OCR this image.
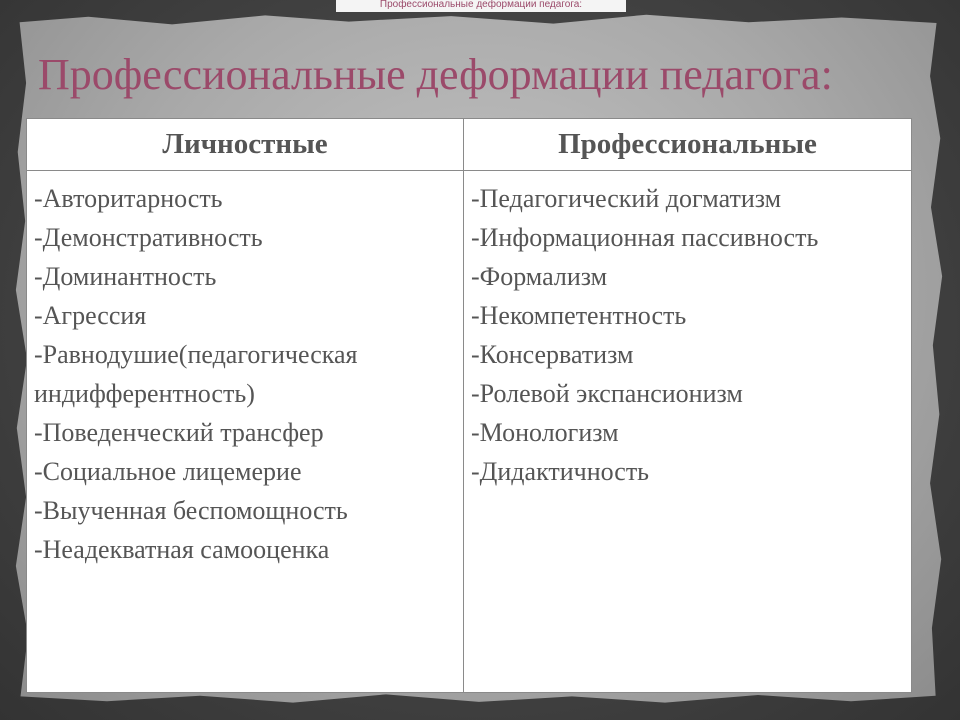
Профессиональные деформации педагога:
Профессиональные деформации педагога:
Личностные	Профессиональные
-Авторитарность
-Демонстративность
-Доминантность
-Агрессия
-Равнодушие(педагогическая
индифферентность)
-Поведенческий трансфер
-Социальное лицемерие
-Выученная беспомощность
-Неадекватная самооценка
-Педагогический догматизм
-Информационная пассивность
-Формализм
-Некомпетентность
-Консерватизм
-Ролевой экспансионизм
-Монологизм
-Дидактичность
